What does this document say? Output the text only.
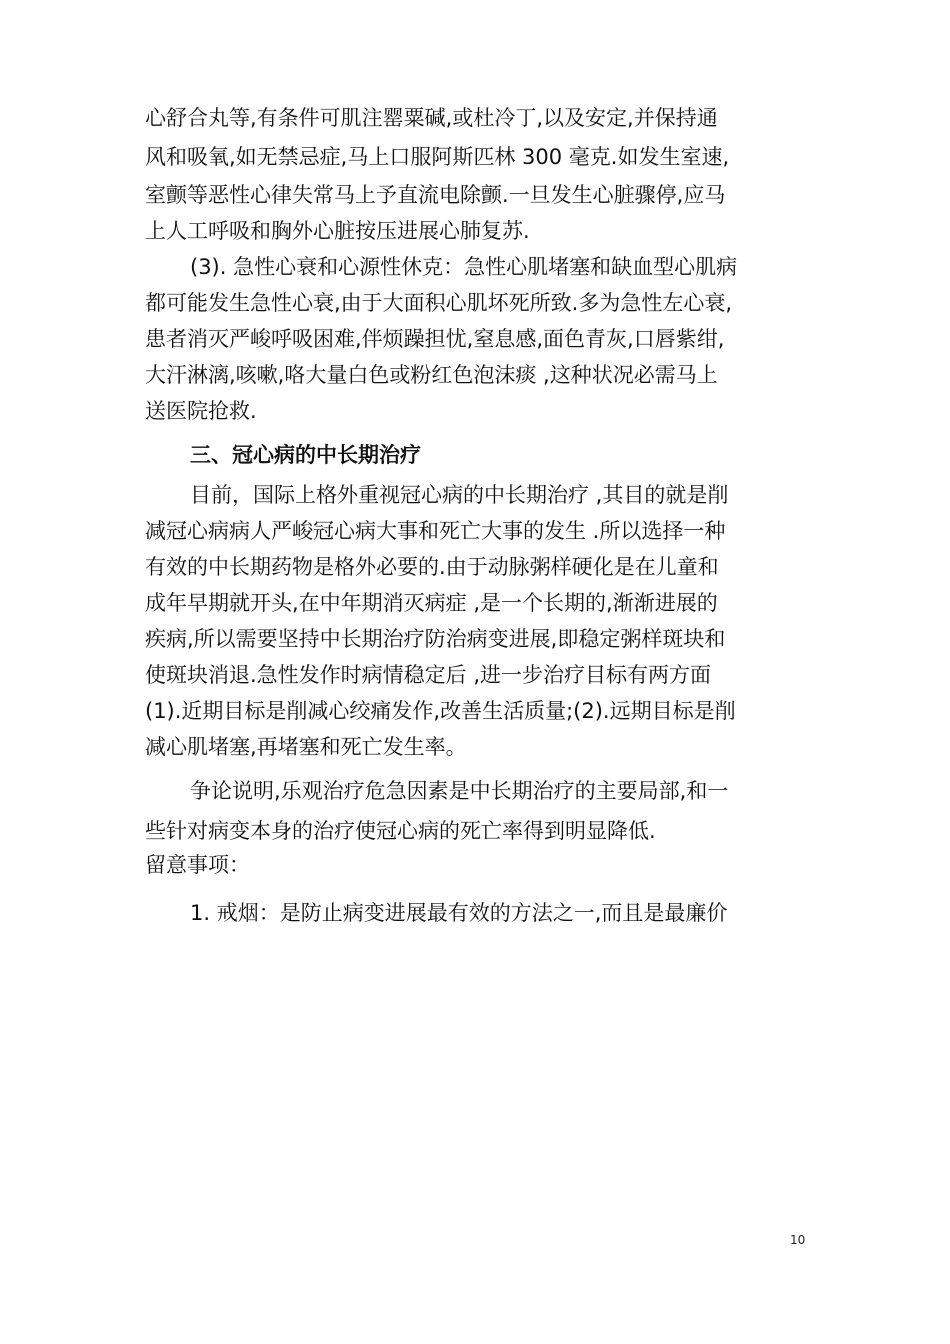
心舒合丸等,有条件可肌注罂粟碱,或杜冷丁,以及安定,并保持通
风和吸氧,如无禁忌症,马上口服阿斯匹林 300 毫克.如发生室速,
室颤等恶性心律失常马上予直流电除颤.一旦发生心脏骤停,应马
上人工呼吸和胸外心脏按压进展心肺复苏.
(3). 急性心衰和心源性休克：急性心肌堵塞和缺血型心肌病
都可能发生急性心衰,由于大面积心肌坏死所致.多为急性左心衰,
患者消灭严峻呼吸困难,伴烦躁担忧,窒息感,面色青灰,口唇紫绀,
大汗淋漓,咳嗽,咯大量白色或粉红色泡沫痰 ,这种状况必需马上
送医院抢救.
三、冠心病的中长期治疗
目前，国际上格外重视冠心病的中长期治疗 ,其目的就是削
减冠心病病人严峻冠心病大事和死亡大事的发生 .所以选择一种
有效的中长期药物是格外必要的.由于动脉粥样硬化是在儿童和
成年早期就开头,在中年期消灭病症 ,是一个长期的,渐渐进展的
疾病,所以需要坚持中长期治疗防治病变进展,即稳定粥样斑块和
使斑块消退.急性发作时病情稳定后 ,进一步治疗目标有两方面
(1).近期目标是削减心绞痛发作,改善生活质量;(2).远期目标是削
减心肌堵塞,再堵塞和死亡发生率。
争论说明,乐观治疗危急因素是中长期治疗的主要局部,和一
些针对病变本身的治疗使冠心病的死亡率得到明显降低.
留意事项：
1. 戒烟：是防止病变进展最有效的方法之一,而且是最廉价
10
